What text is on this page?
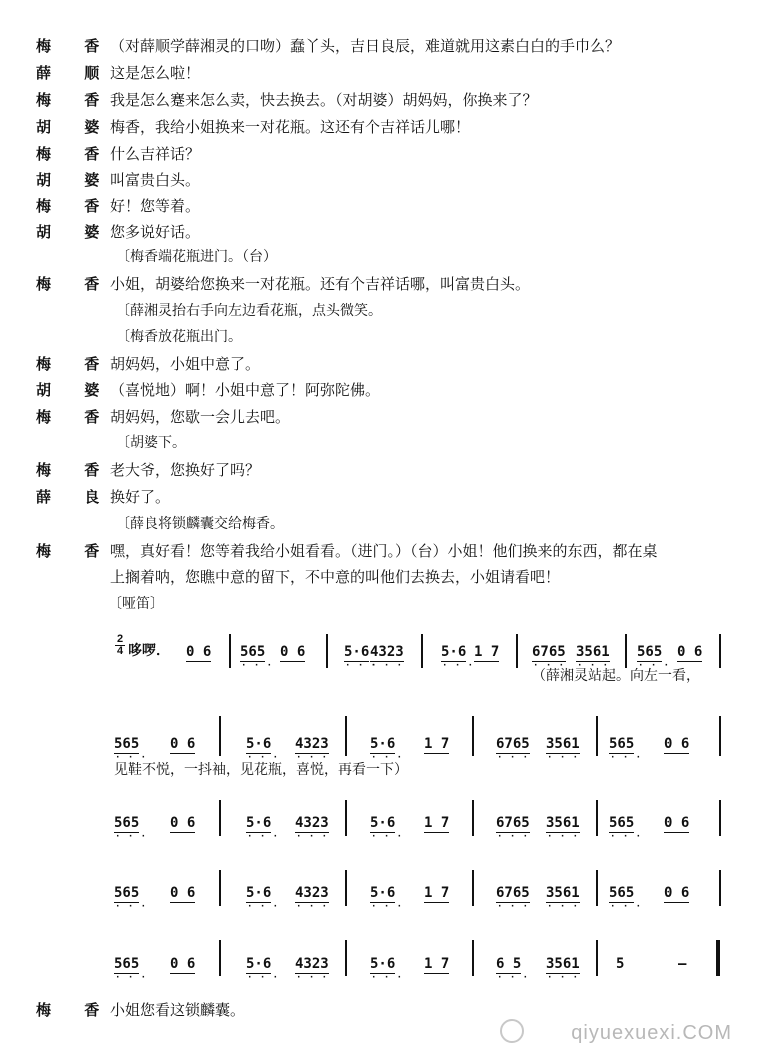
梅 香
（对薛顺学薛湘灵的口吻）蠢丫头，吉日良辰，难道就用这素白白的手巾么？
薛 顺
这是怎么啦！
梅 香
我是怎么蹇来怎么卖，快去换去。（对胡婆）胡妈妈，你换来了？
胡 婆
梅香，我给小姐换来一对花瓶。这还有个吉祥话儿哪！
梅 香
什么吉祥话？
胡 婆
叫富贵白头。
梅 香
好！您等着。
胡 婆
您多说好话。
〔梅香端花瓶进门。（台）
梅 香
小姐，胡婆给您换来一对花瓶。还有个吉祥话哪，叫富贵白头。
〔薛湘灵抬右手向左边看花瓶，点头微笑。
〔梅香放花瓶出门。
梅 香
胡妈妈，小姐中意了。
胡 婆
（喜悦地）啊！小姐中意了！阿弥陀佛。
梅 香
胡妈妈，您歇一会儿去吧。
〔胡婆下。
梅 香
老大爷，您换好了吗？
薛 良
换好了。
〔薛良将锁麟囊交给梅香。
梅 香
嘿，真好看！您等着我给小姐看看。（进门。）（台）小姐！他们换来的东西，都在桌
上搁着呐，您瞧中意的留下，不中意的叫他们去换去，小姐请看吧！
〔哑笛〕
2
4 哆啰． 0 6 565 · · · 0 6	5·6 · · · 4323 · · ·	5·6 · · · 1 7 6765 · · · 3561 · · · 565 · · · 0 6
（薛湘灵站起。向左一看，
565 · · · 0 6	5·6 · · · 4323 · · ·	5·6 · · · 1 7	6765 · · · 3561 · · · 565 · · · 0 6
见鞋不悦，一抖袖，见花瓶，喜悦，再看一下）
565 · · · 0 6	5·6 · · · 4323 · · ·	5·6 · · · 1 7	6765 · · · 3561 · · · 565 · · · 0 6
565 · · · 0 6	5·6 · · · 4323 · · ·	5·6 · · · 1 7	6765 · · · 3561 · · · 565 · · · 0 6
565 · · · 0 6	5·6 · · · 4323 · · ·	5·6 · · · 1 7	6 5 · · · 3561 · · ·	5	–
梅 香
小姐您看这锁麟囊。
qiyuexuexi.COM
